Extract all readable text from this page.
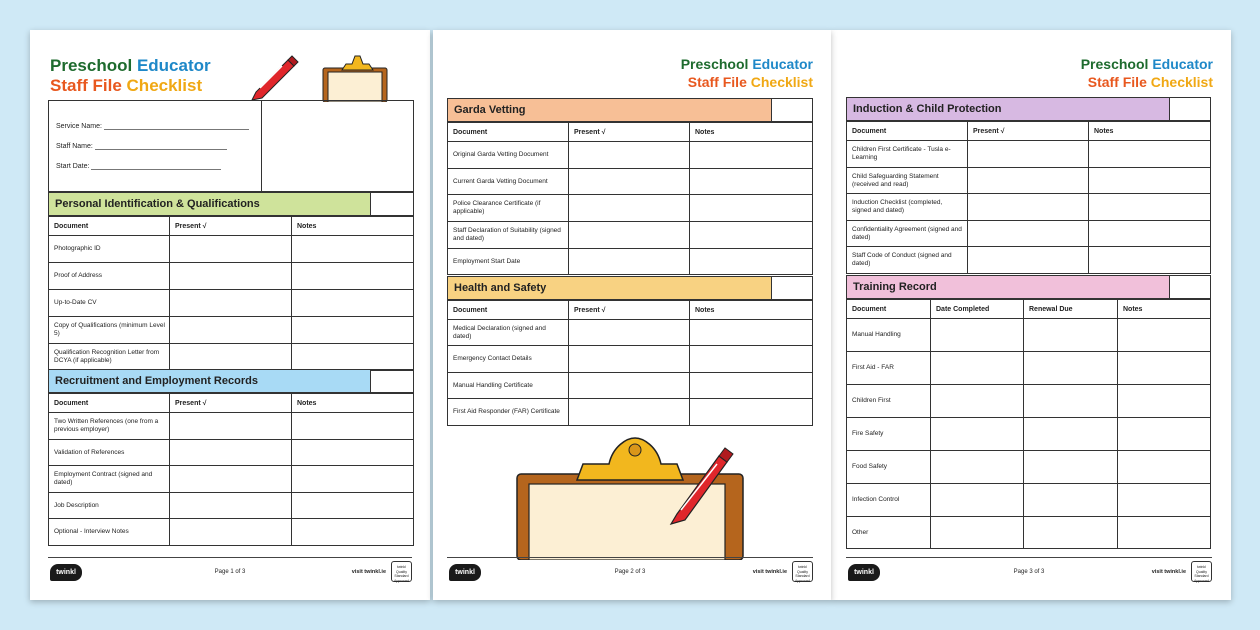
Preschool Educator
Staff File Checklist
Service Name:
Staff Name:
Start Date:
Personal Identification & Qualifications
Document	Present √	Notes
Photographic ID		
Proof of Address		
Up-to-Date CV		
Copy of Qualifications (minimum Level 5)		
Qualification Recognition Letter from DCYA (if applicable)		
Recruitment and Employment Records
Document	Present √	Notes
Two Written References (one from a previous employer)		
Validation of References		
Employment Contract (signed and dated)		
Job Description		
Optional - Interview Notes		
twinkl	Page 1 of 3	visit twinkl.ie
twinkl Quality Standard Approved
Preschool Educator
Staff File Checklist
Garda Vetting
Document	Present √	Notes
Original Garda Vetting Document		
Current Garda Vetting Document		
Police Clearance Certificate (if applicable)		
Staff Declaration of Suitability (signed and dated)		
Employment Start Date		
Health and Safety
Document	Present √	Notes
Medical Declaration (signed and dated)		
Emergency Contact Details		
Manual Handling Certificate		
First Aid Responder (FAR) Certificate		
twinkl	Page 2 of 3	visit twinkl.ie
twinkl Quality Standard Approved
Preschool Educator
Staff File Checklist
Induction & Child Protection
Document	Present √	Notes
Children First Certificate - Tusla e-Learning		
Child Safeguarding Statement (received and read)		
Induction Checklist (completed, signed and dated)		
Confidentiality Agreement (signed and dated)		
Staff Code of Conduct (signed and dated)		
Training Record
Document	Date Completed	Renewal Due	Notes
Manual Handling			
First Aid - FAR			
Children First			
Fire Safety			
Food Safety			
Infection Control			
Other			
twinkl	Page 3 of 3	visit twinkl.ie
twinkl Quality Standard Approved
